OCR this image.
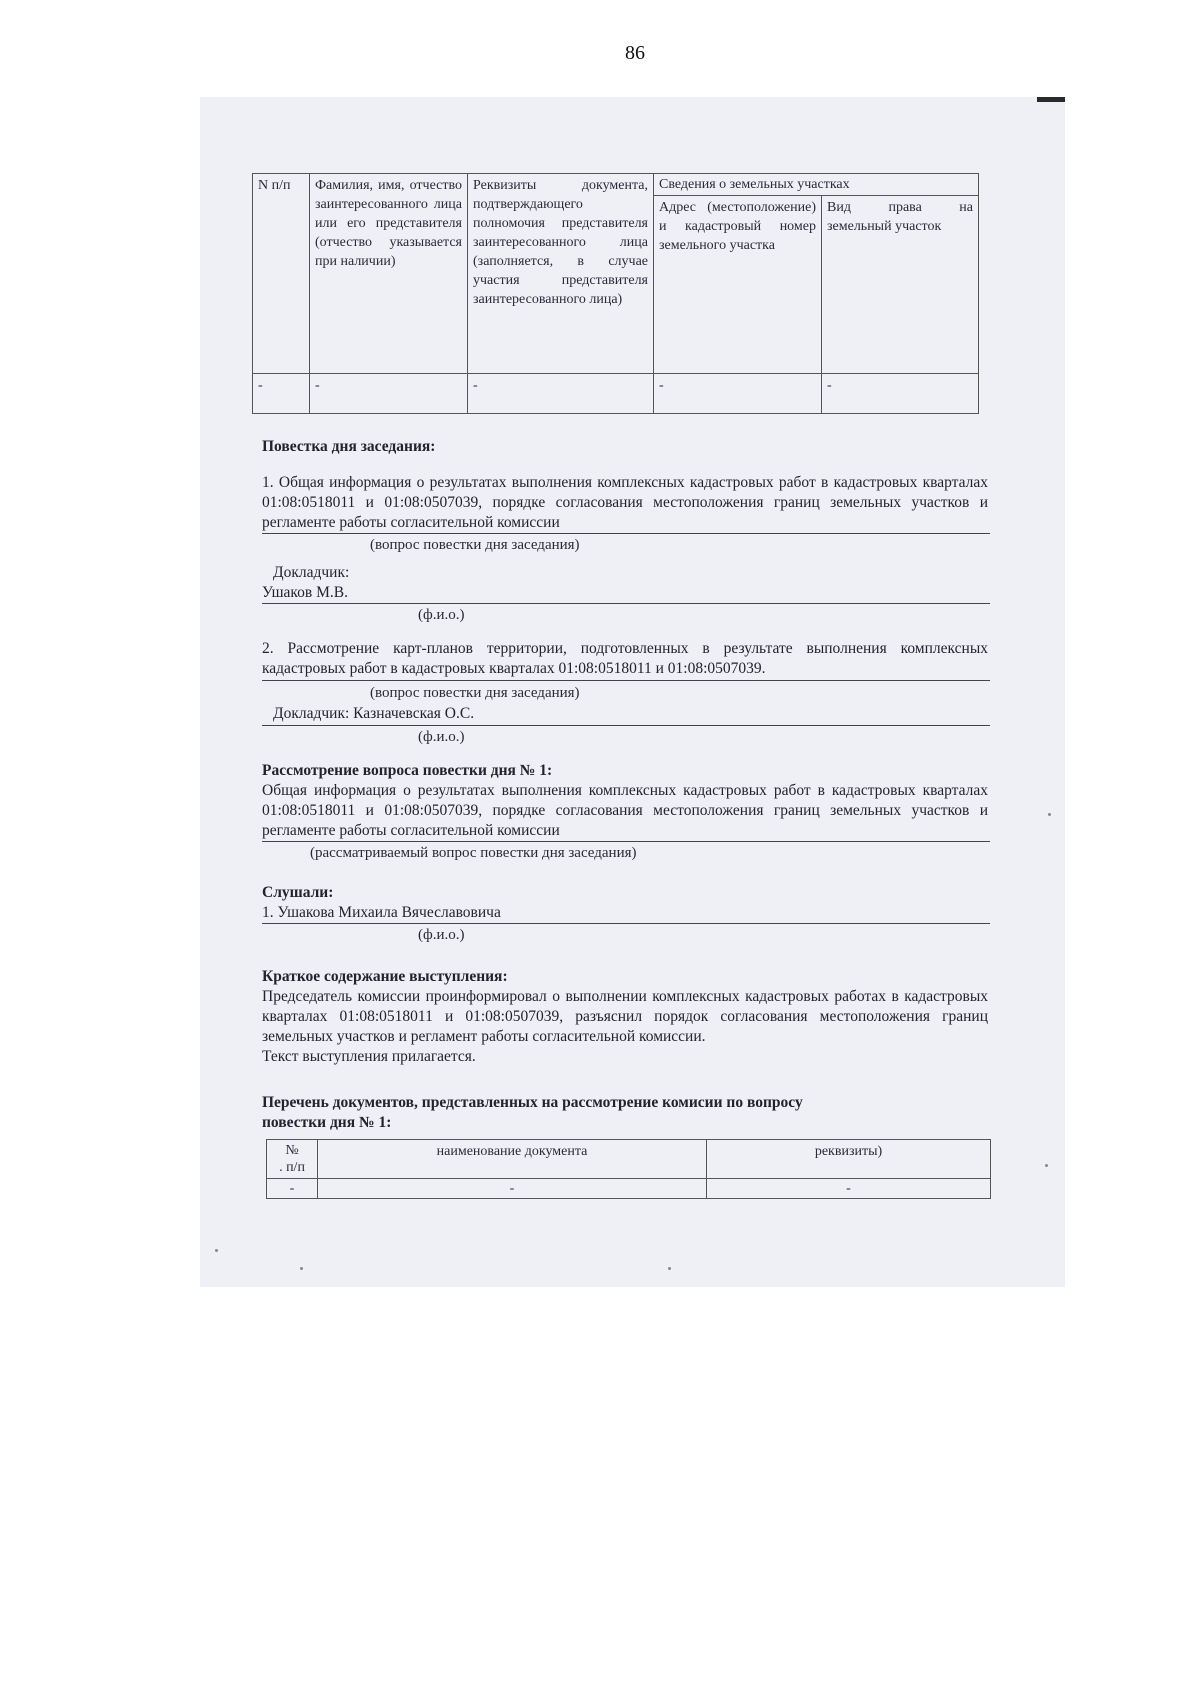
86
N п/п	Фамилия, имя, отчество заинтересованного лица или его представителя (отчество указывается при наличии)	Реквизиты документа, подтверждающего полномочия представителя заинтересованного лица (заполняется, в случае участия представителя заинтересованного лица)	Сведения о земельных участках	
			Адрес (местоположение) и кадастровый номер земельного участка	Вид права на земельный участок
-	-	-	-	-
Повестка дня заседания:
1. Общая информация о результатах выполнения комплексных кадастровых работ в кадастровых кварталах 01:08:0518011 и 01:08:0507039, порядке согласования местоположения границ земельных участков и регламенте работы согласительной комиссии
(вопрос повестки дня заседания)
Докладчик:
Ушаков М.В.
(ф.и.о.)
2. Рассмотрение карт-планов территории, подготовленных в результате выполнения комплексных кадастровых работ в кадастровых кварталах 01:08:0518011 и 01:08:0507039.
(вопрос повестки дня заседания)
Докладчик: Казначевская О.С.
(ф.и.о.)
Рассмотрение вопроса повестки дня № 1:
Общая информация о результатах выполнения комплексных кадастровых работ в кадастровых кварталах 01:08:0518011 и 01:08:0507039, порядке согласования местоположения границ земельных участков и регламенте работы согласительной комиссии
(рассматриваемый вопрос повестки дня заседания)
Слушали:
1. Ушакова Михаила Вячеславовича
(ф.и.о.)
Краткое содержание выступления:
Председатель комиссии проинформировал о выполнении комплексных кадастровых работах в кадастровых кварталах 01:08:0518011 и 01:08:0507039, разъяснил порядок согласования местоположения границ земельных участков и регламент работы согласительной комиссии.
Текст выступления прилагается.
Перечень документов, представленных на рассмотрение комисии по вопросу
повестки дня № 1:
№
. п/п	наименование документа	реквизиты)
-	-	-
